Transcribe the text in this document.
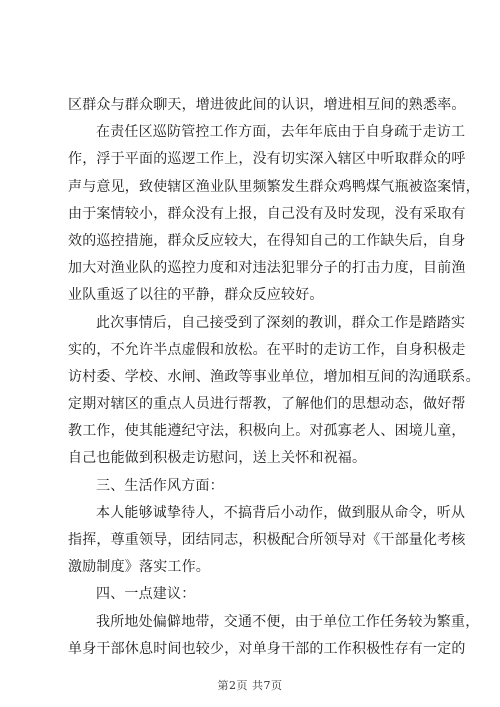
区群众与群众聊天，增进彼此间的认识，增进相互间的熟悉率。
在责任区巡防管控工作方面，去年年底由于自身疏于走访工
作，浮于平面的巡逻工作上，没有切实深入辖区中听取群众的呼
声与意见，致使辖区渔业队里频繁发生群众鸡鸭煤气瓶被盗案情，
由于案情较小，群众没有上报，自己没有及时发现，没有采取有
效的巡控措施，群众反应较大，在得知自己的工作缺失后，自身
加大对渔业队的巡控力度和对违法犯罪分子的打击力度，目前渔
业队重返了以往的平静，群众反应较好。
此次事情后，自己接受到了深刻的教训，群众工作是踏踏实
实的，不允许半点虚假和放松。在平时的走访工作，自身积极走
访村委、学校、水闸、渔政等事业单位，增加相互间的沟通联系。
定期对辖区的重点人员进行帮教，了解他们的思想动态，做好帮
教工作，使其能遵纪守法，积极向上。对孤寡老人、困境儿童，
自己也能做到积极走访慰问，送上关怀和祝福。
三、生活作风方面：
本人能够诚挚待人，不搞背后小动作，做到服从命令，听从
指挥，尊重领导，团结同志，积极配合所领导对《干部量化考核
激励制度》落实工作。
四、一点建议：
我所地处偏僻地带，交通不便，由于单位工作任务较为繁重，
单身干部休息时间也较少，对单身干部的工作积极性存有一定的
第2页 共7页
